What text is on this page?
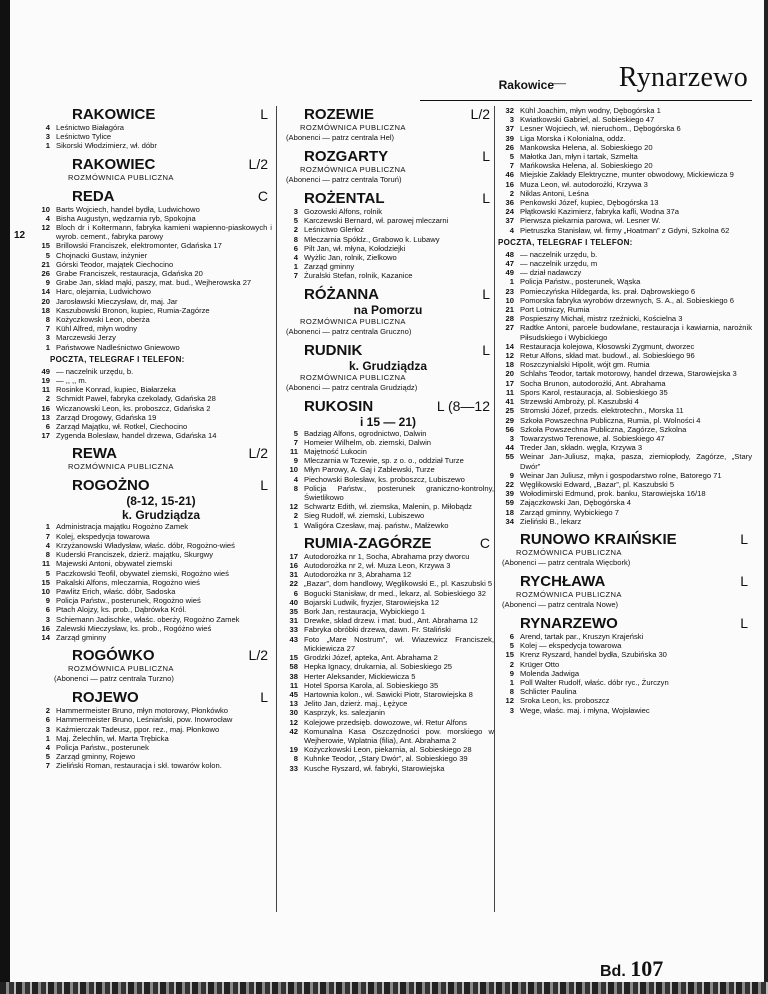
Rakowice
— Rynarzewo
12
RAKOWICE	L
4 Leśnictwo Białagóra
3 Leśnictwo Tylice
1 Sikorski Włodzimierz, wł. dóbr
RAKOWIEC	L/2
ROZMÓWNICA PUBLICZNA
REDA	C
10 Barts Wojciech, handel bydła, Ludwichowo
4 Bisha Augustyn, wędzarnia ryb, Spokojna
12 Bloch dr i Koltermann, fabryka kamieni wapienno-piaskowych i wyrob. cement., fabryka parowy
15 Brillowski Franciszek, elektromonter, Gdańska 17
5 Chojnacki Gustaw, inżynier
21 Górski Teodor, majątek Ciechocino
26 Grabe Franciszek, restauracja, Gdańska 20
9 Grabe Jan, skład mąki, paszy, mat. bud., Wejherowska 27
14 Harc, olejarnia, Ludwichowo
20 Jarosławski Mieczysław, dr, maj. Jar
18 Kaszubowski Bronon, kupiec, Rumia-Zagórze
8 Kożyczkowski Leon, oberża
7 Kühl Alfred, młyn wodny
3 Marczewski Jerzy
1 Państwowe Nadleśnictwo Gniewowo
POCZTA, TELEGRAF I TELEFON:
49 — naczelnik urzędu, b.
19 — ,, ,, m.
11 Rosinke Konrad, kupiec, Białarzeka
2 Schmidt Paweł, fabryka czekolady, Gdańska 28
16 Wiczanowski Leon, ks. proboszcz, Gdańska 2
13 Zarząd Drogowy, Gdańska 19
6 Zarząd Majątku, wł. Rotkel, Ciechocino
17 Zygenda Bolesław, handel drzewa, Gdańska 14
REWA	L/2
ROZMÓWNICA PUBLICZNA
ROGOŻNO	L
(8-12, 15-21)
k. Grudziądza
1 Administracja majątku Rogożno Zamek
7 Kolej, ekspedycja towarowa
4 Krzyżanowski Władysław, właśc. dóbr, Rogożno-wieś
8 Kuderski Franciszek, dzierż. majątku, Skurgwy
11 Majewski Antoni, obywatel ziemski
5 Paczkowski Teofil, obywatel ziemski, Rogożno wieś
15 Pakalski Alfons, mleczarnia, Rogożno wieś
10 Pawlitz Erich, właśc. dóbr, Sadoska
9 Policja Państw., posterunek, Rogożno wieś
6 Ptach Alojzy, ks. prob., Dąbrówka Król.
3 Schiemann Jadischke, właśc. oberży, Rogożno Zamek
16 Zalewski Mieczysław, ks. prob., Rogóżno wieś
14 Zarząd gminny
ROGÓWKO	L/2
ROZMÓWNICA PUBLICZNA
(Abonenci — patrz centrala Turzno)
ROJEWO	L
2 Hammermeister Bruno, młyn motorowy, Płonkówko
6 Hammermeister Bruno, Leśniański, pow. Inowrocław
3 Kaźmierczak Tadeusz, ppor. rez., maj. Płonkowo
1 Maj. Żelechlin, wł. Marta Trębicka
4 Policja Państw., posterunek
5 Zarząd gminny, Rojewo
7 Zieliński Roman, restauracja i skł. towarów kolon.
ROZEWIE	L/2
ROZMÓWNICA PUBLICZNA
(Abonenci — patrz centrala Hel)
ROZGARTY	L
ROZMÓWNICA PUBLICZNA
(Abonenci — patrz centrala Toruń)
ROŻENTAL	L
3 Gozowski Alfons, rolnik
5 Karczewski Bernard, wł. parowej mleczarni
2 Leśnictwo Glerłoż
8 Mleczarnia Spółdz., Grabowo k. Lubawy
6 Pilt Jan, wł. młyna, Kołodziejki
4 Wyżlic Jan, rolnik, Zielkowo
1 Zarząd gminny
7 Żuralski Stefan, rolnik, Kazanice
RÓŻANNA	L
na Pomorzu
ROZMÓWNICA PUBLICZNA
(Abonenci — patrz centrala Gruczno)
RUDNIK	L
k. Grudziądza
ROZMÓWNICA PUBLICZNA
(Abonenci — patrz centrala Grudziądz)
RUKOSIN	L (8—12
i 15 — 21)
5 Badziąg Alfons, ogrodnictwo, Dalwin
7 Homeier Wilhelm, ob. ziemski, Dalwin
11 Majętność Lukocin
9 Mleczarnia w Tczewie, sp. z o. o., oddział Turze
10 Młyn Parowy, A. Gaj i Zablewski, Turze
4 Piechowski Bolesław, ks. proboszcz, Lubiszewo
8 Policja Państw., posterunek graniczno-kontrolny, Świetlikowo
12 Schwartz Edith, wł. ziemska, Malenin, p. Miłobądz
2 Sieg Rudolf, wł. ziemski, Lubiszewo
1 Waligóra Czesław, maj. państw., Małżewko
RUMIA-ZAGÓRZE	C
17 Autodorożka nr 1, Socha, Abrahama przy dworcu
16 Autodorożka nr 2, wł. Muza Leon, Krzywa 3
31 Autodorożka nr 3, Abrahama 12
22 „Bazar”, dom handlowy, Węglikowski E., pl. Kaszubski 5
6 Bogucki Stanisław, dr med., lekarz, al. Sobieskiego 32
40 Bojarski Ludwik, fryzjer, Starowiejska 12
35 Bork Jan, restauracja, Wybickiego 1
31 Drewke, skład drzew. i mat. bud., Ant. Abrahama 12
33 Fabryka obróbki drzewa, dawn. Fr. Staliński
43 Foto „Mare Nostrum”, wł. Wiazewicz Franciszek, Mickiewicza 27
15 Grodzki Józef, apteka, Ant. Abrahama 2
58 Hepka Ignacy, drukarnia, al. Sobieskiego 25
38 Herter Aleksander, Mickiewicza 5
11 Hotel Sporsa Karola, al. Sobieskiego 35
45 Hartownia kolon., wł. Sawicki Piotr, Starowiejska 8
13 Jelito Jan, dzierż. maj., Łężyce
30 Kasprzyk, ks. salezjanin
12 Kolejowe przedsięb. dowozowe, wł. Retur Alfons
42 Komunalna Kasa Oszczędności pow. morskiego w Wejherowie, Wplatnia (filia), Ant. Abrahama 2
19 Kożyczkowski Leon, piekarnia, al. Sobieskiego 28
8 Kuhnke Teodor, „Stary Dwór”, al. Sobieskiego 39
33 Kusche Ryszard, wł. fabryki, Starowiejska
32 Kühl Joachim, młyn wodny, Dębogórska 1
3 Kwiatkowski Gabriel, al. Sobieskiego 47
37 Lesner Wojciech, wł. nieruchom., Dębogórska 6
39 Liga Morska i Kolonialna, oddz.
26 Mankowska Helena, al. Sobieskiego 20
5 Małotka Jan, młyn i tartak, Szmelta
7 Mańkowska Helena, al. Sobieskiego 20
46 Miejskie Zakłady Elektryczne, munter obwodowy, Mickiewicza 9
16 Muza Leon, wł. autodorożki, Krzywa 3
2 Niklas Antoni, Leśna
36 Penkowski Józef, kupiec, Dębogórska 13
24 Płątkowski Kazimierz, fabryka kafli, Wodna 37a
37 Pierwsza piekarnia parowa, wł. Lesner W.
4 Pietruszka Stanisław, wł. firmy „Hoatman” z Gdyni, Szkolna 62
POCZTA, TELEGRAF I TELEFON:
48 — naczelnik urzędu, b.
47 — naczelnik urzędu, m
49 — dział nadawczy
1 Policja Państw., posterunek, Wąska
23 Pomieczyńska Hildegarda, ks. prał. Dąbrowskiego 6
10 Pomorska fabryka wyrobów drzewnych, S. A., al. Sobieskiego 6
21 Port Lotniczy, Rumia
28 Pospieszny Michał, mistrz rzeźnicki, Kościelna 3
27 Radtke Antoni, parcele budowlane, restauracja i kawiarnia, narożnik Piłsudskiego i Wybickiego
14 Restauracja kolejowa, Kłosowski Zygmunt, dworzec
12 Retur Alfons, skład mat. budowl., al. Sobieskiego 96
18 Roszczynialski Hipolit, wójt gm. Rumia
20 Schlahs Teodor, tartak motorowy, handel drzewa, Starowiejska 3
17 Socha Brunon, autodorożki, Ant. Abrahama
11 Spors Karol, restauracja, al. Sobieskiego 35
41 Strzewski Ambroży, pl. Kaszubski 4
25 Stromski Józef, przeds. elektrotechn., Morska 11
29 Szkoła Powszechna Publiczna, Rumia, pl. Wolności 4
56 Szkoła Powszechna Publiczna, Zagórze, Szkolna
3 Towarzystwo Terenowe, al. Sobieskiego 47
44 Treder Jan, składn. węgla, Krzywa 3
55 Weinar Jan-Juliusz, mąka, pasza, ziemiopłody, Zagórze, „Stary Dwór”
9 Weinar Jan Juliusz, młyn i gospodarstwo rolne, Batorego 71
22 Węglikowski Edward, „Bazar”, pl. Kaszubski 5
39 Wołodimirski Edmund, prok. banku, Starowiejska 16/18
59 Zajączkowski Jan, Dębogórska 4
18 Zarząd gminny, Wybickiego 7
34 Zieliński B., lekarz
RUNOWO KRAIŃSKIE	L
ROZMÓWNICA PUBLICZNA
(Abonenci — patrz centrala Więcbork)
RYCHŁAWA	L
ROZMÓWNICA PUBLICZNA
(Abonenci — patrz centrala Nowe)
RYNARZEWO	L
6 Arend, tartak par., Kruszyn Krajeński
5 Kolej — ekspedycja towarowa
15 Krenz Ryszard, handel bydła, Szubińska 30
2 Krüger Otto
9 Molenda Jadwiga
1 Poll Walter Rudolf, właśc. dóbr ryc., Żurczyn
8 Schlicter Paulina
12 Sroka Leon, ks. proboszcz
3 Wege, właśc. maj. i młyna, Wojsławiec
Bd. 107
